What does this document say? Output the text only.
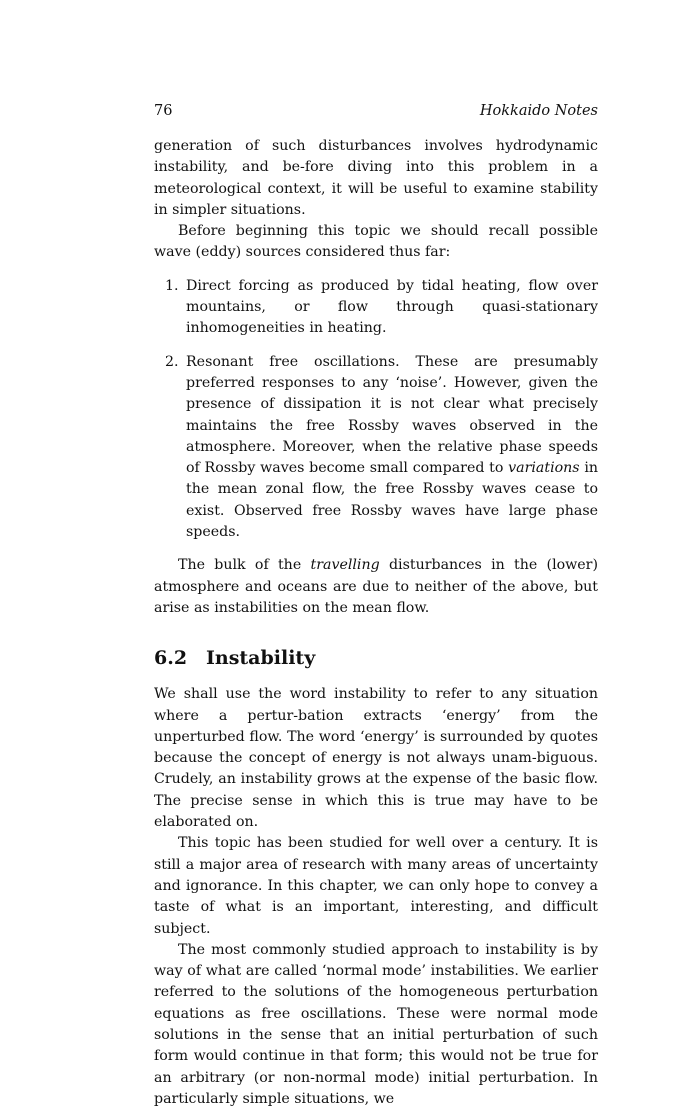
76	Hokkaido Notes

generation of such disturbances involves hydrodynamic instability, and be-fore diving into this problem in a meteorological context, it will be useful to examine stability in simpler situations.

Before beginning this topic we should recall possible wave (eddy) sources considered thus far:

1. Direct forcing as produced by tidal heating, flow over mountains, or flow through quasi-stationary inhomogeneities in heating.
2. Resonant free oscillations. These are presumably preferred responses to any ‘noise’. However, given the presence of dissipation it is not clear what precisely maintains the free Rossby waves observed in the atmosphere. Moreover, when the relative phase speeds of Rossby waves become small compared to variations in the mean zonal flow, the free Rossby waves cease to exist. Observed free Rossby waves have large phase speeds.

The bulk of the travelling disturbances in the (lower) atmosphere and oceans are due to neither of the above, but arise as instabilities on the mean flow.

6.2 Instability

We shall use the word instability to refer to any situation where a pertur-bation extracts ‘energy’ from the unperturbed flow. The word ‘energy’ is surrounded by quotes because the concept of energy is not always unam-biguous. Crudely, an instability grows at the expense of the basic flow. The precise sense in which this is true may have to be elaborated on.

This topic has been studied for well over a century. It is still a major area of research with many areas of uncertainty and ignorance. In this chapter, we can only hope to convey a taste of what is an important, interesting, and difficult subject.

The most commonly studied approach to instability is by way of what are called ‘normal mode’ instabilities. We earlier referred to the solutions of the homogeneous perturbation equations as free oscillations. These were normal mode solutions in the sense that an initial perturbation of such form would continue in that form; this would not be true for an arbitrary (or non-normal mode) initial perturbation. In particularly simple situations, we
